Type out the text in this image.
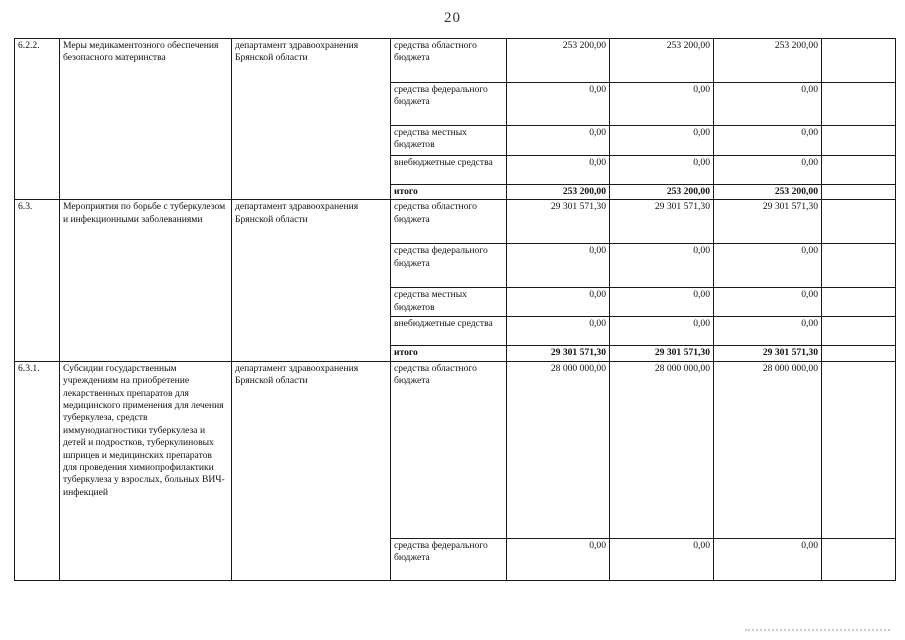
20
6.2.2.	Меры медикаментозного обеспечения безопасного материнства	департамент здравоохранения Брянской области	средства областного бюджета	253 200,00	253 200,00	253 200,00	
			средства федерального бюджета	0,00	0,00	0,00	
			средства местных бюджетов	0,00	0,00	0,00	
			внебюджетные средства	0,00	0,00	0,00	
			итого	253 200,00	253 200,00	253 200,00	
6.3.	Мероприятия по борьбе с туберкулезом и инфекционными заболеваниями	департамент здравоохранения Брянской области	средства областного бюджета	29 301 571,30	29 301 571,30	29 301 571,30	
			средства федерального бюджета	0,00	0,00	0,00	
			средства местных бюджетов	0,00	0,00	0,00	
			внебюджетные средства	0,00	0,00	0,00	
			итого	29 301 571,30	29 301 571,30	29 301 571,30	
6.3.1.	Субсидии государственным учреждениям на приобретение лекарственных препаратов для медицинского применения для лечения туберкулеза, средств иммунодиагностики туберкулеза и детей и подростков, туберкулиновых шприцев и медицинских препаратов для проведения химиопрофилактики туберкулеза у взрослых, больных ВИЧ-инфекцией	департамент здравоохранения Брянской области	средства областного бюджета	28 000 000,00	28 000 000,00	28 000 000,00	
			средства федерального бюджета	0,00	0,00	0,00	
